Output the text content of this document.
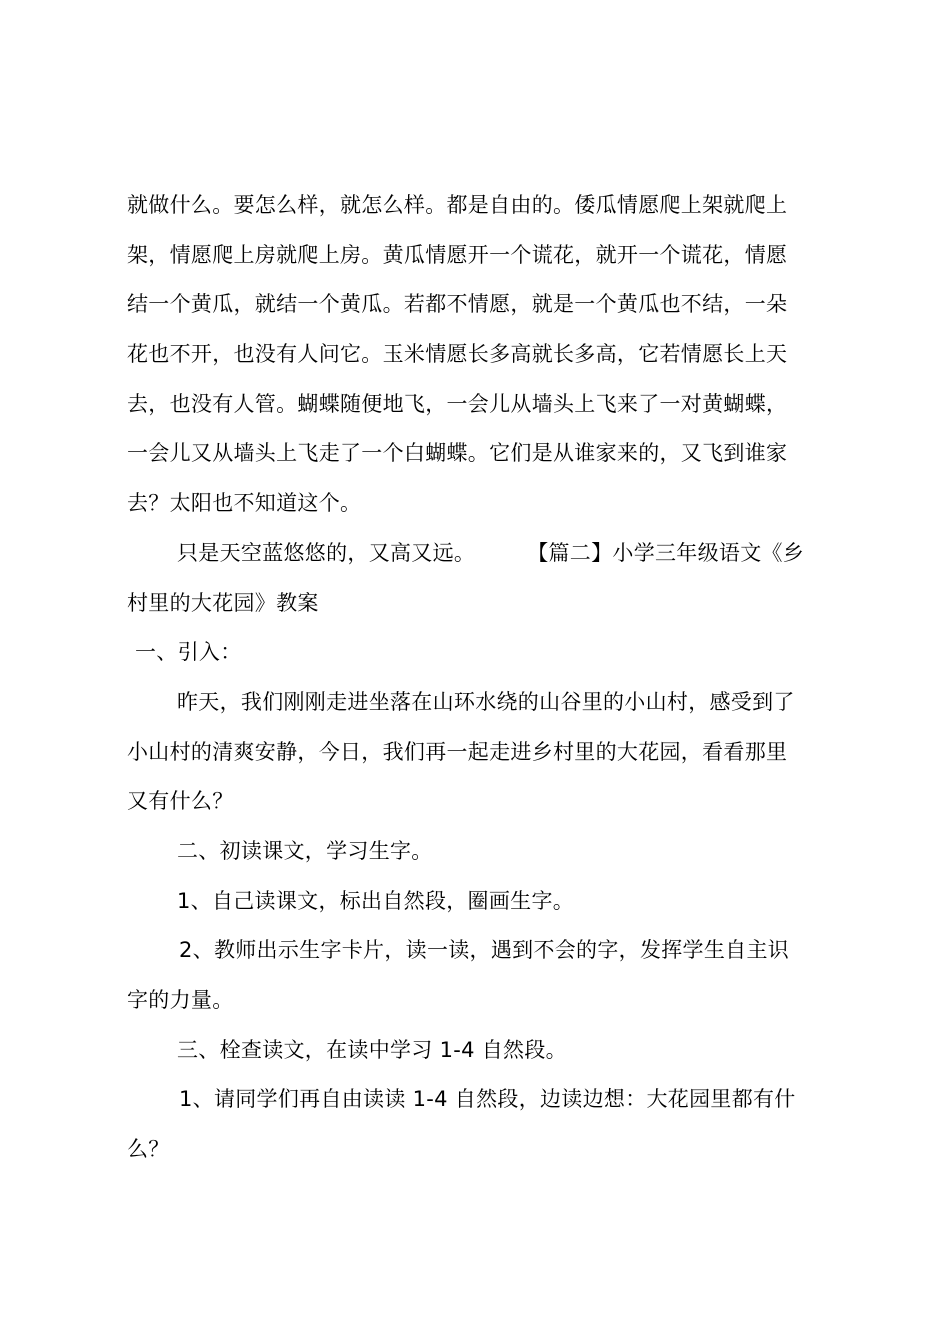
就做什么。要怎么样，就怎么样。都是自由的。倭瓜情愿爬上架就爬上
架，情愿爬上房就爬上房。黄瓜情愿开一个谎花，就开一个谎花，情愿
结一个黄瓜，就结一个黄瓜。若都不情愿，就是一个黄瓜也不结，一朵
花也不开，也没有人问它。玉米情愿长多高就长多高，它若情愿长上天
去，也没有人管。蝴蝶随便地飞，一会儿从墙头上飞来了一对黄蝴蝶，
一会儿又从墙头上飞走了一个白蝴蝶。它们是从谁家来的，又飞到谁家
去？太阳也不知道这个。
只是天空蓝悠悠的，又高又远。 【篇二】小学三年级语文《乡
村里的大花园》教案
一、引入：
昨天，我们刚刚走进坐落在山环水绕的山谷里的小山村，感受到了
小山村的清爽安静，今日，我们再一起走进乡村里的大花园，看看那里
又有什么？
二、初读课文，学习生字。
1、自己读课文，标出自然段，圈画生字。
2、教师出示生字卡片，读一读，遇到不会的字，发挥学生自主识
字的力量。
三、栓查读文，在读中学习 1-4 自然段。
1、请同学们再自由读读 1-4 自然段，边读边想：大花园里都有什
么？
